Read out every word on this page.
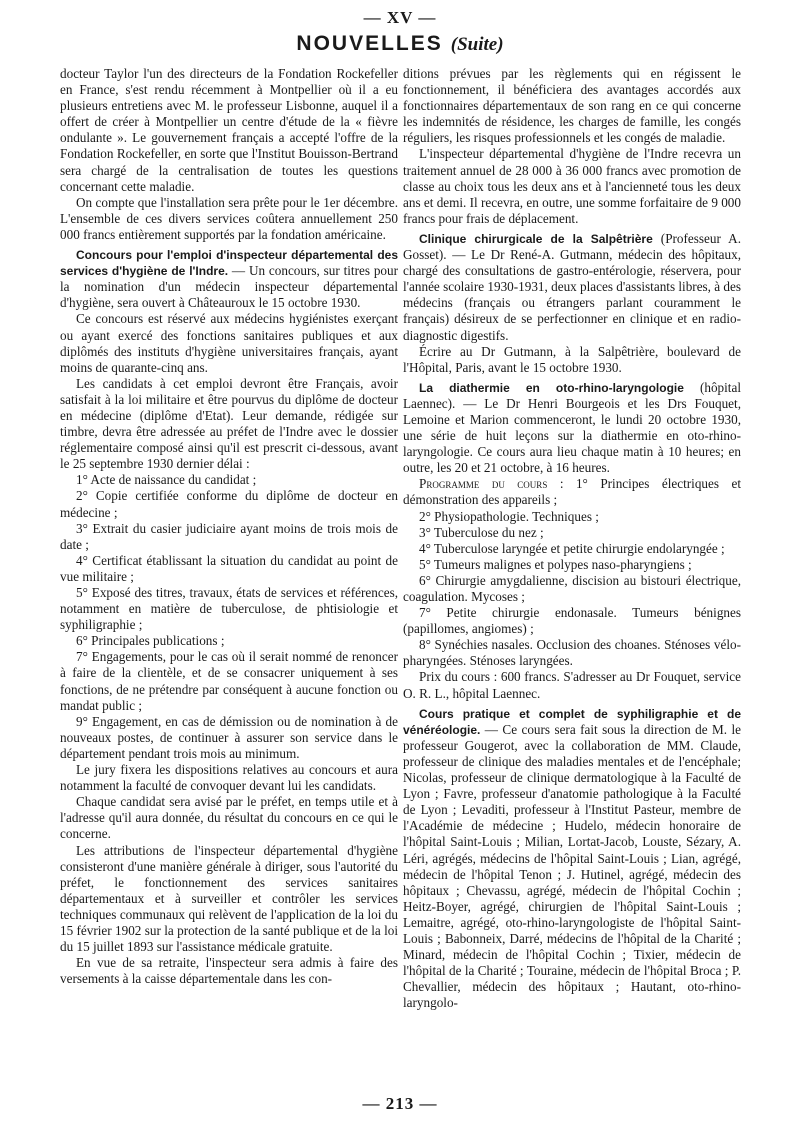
— XV —
NOUVELLES (Suite)

docteur Taylor l'un des directeurs de la Fondation Rockefeller en France, s'est rendu récemment à Montpellier où il a eu plusieurs entretiens avec M. le professeur Lisbonne, auquel il a offert de créer à Montpellier un centre d'étude de la « fièvre ondulante ». Le gouvernement français a accepté l'offre de la Fondation Rockefeller, en sorte que l'Institut Bouisson-Bertrand sera chargé de la centralisation de toutes les questions concernant cette maladie.

On compte que l'installation sera prête pour le 1er décembre. L'ensemble de ces divers services coûtera annuellement 250 000 francs entièrement supportés par la fondation américaine.

Concours pour l'emploi d'inspecteur départemental des services d'hygiène de l'Indre. — Un concours, sur titres pour la nomination d'un médecin inspecteur départemental d'hygiène, sera ouvert à Châteauroux le 15 octobre 1930.

Ce concours est réservé aux médecins hygiénistes exerçant ou ayant exercé des fonctions sanitaires publiques et aux diplômés des instituts d'hygiène universitaires français, ayant moins de quarante-cinq ans.

Les candidats à cet emploi devront être Français, avoir satisfait à la loi militaire et être pourvus du diplôme de docteur en médecine (diplôme d'Etat). Leur demande, rédigée sur timbre, devra être adressée au préfet de l'Indre avec le dossier réglementaire composé ainsi qu'il est prescrit ci-dessous, avant le 25 septembre 1930 dernier délai :

1° Acte de naissance du candidat ;

2° Copie certifiée conforme du diplôme de docteur en médecine ;

3° Extrait du casier judiciaire ayant moins de trois mois de date ;

4° Certificat établissant la situation du candidat au point de vue militaire ;

5° Exposé des titres, travaux, états de services et références, notamment en matière de tuberculose, de phtisiologie et syphiligraphie ;

6° Principales publications ;

7° Engagements, pour le cas où il serait nommé de renoncer à faire de la clientèle, et de se consacrer uniquement à ses fonctions, de ne prétendre par conséquent à aucune fonction ou mandat public ;

9° Engagement, en cas de démission ou de nomination à de nouveaux postes, de continuer à assurer son service dans le département pendant trois mois au minimum.

Le jury fixera les dispositions relatives au concours et aura notamment la faculté de convoquer devant lui les candidats.

Chaque candidat sera avisé par le préfet, en temps utile et à l'adresse qu'il aura donnée, du résultat du concours en ce qui le concerne.

Les attributions de l'inspecteur départemental d'hygiène consisteront d'une manière générale à diriger, sous l'autorité du préfet, le fonctionnement des services sanitaires départementaux et à surveiller et contrôler les services techniques communaux qui relèvent de l'application de la loi du 15 février 1902 sur la protection de la santé publique et de la loi du 15 juillet 1893 sur l'assistance médicale gratuite.

En vue de sa retraite, l'inspecteur sera admis à faire des versements à la caisse départementale dans les con-

ditions prévues par les règlements qui en régissent le fonctionnement, il bénéficiera des avantages accordés aux fonctionnaires départementaux de son rang en ce qui concerne les indemnités de résidence, les charges de famille, les congés réguliers, les risques professionnels et les congés de maladie.

L'inspecteur départemental d'hygiène de l'Indre recevra un traitement annuel de 28 000 à 36 000 francs avec promotion de classe au choix tous les deux ans et à l'ancienneté tous les deux ans et demi. Il recevra, en outre, une somme forfaitaire de 9 000 francs pour frais de déplacement.

Clinique chirurgicale de la Salpêtrière (Professeur A. Gosset). — Le Dr René-A. Gutmann, médecin des hôpitaux, chargé des consultations de gastro-entérologie, réservera, pour l'année scolaire 1930-1931, deux places d'assistants libres, à des médecins (français ou étrangers parlant couramment le français) désireux de se perfectionner en clinique et en radio-diagnostic digestifs.

Écrire au Dr Gutmann, à la Salpêtrière, boulevard de l'Hôpital, Paris, avant le 15 octobre 1930.

La diathermie en oto-rhino-laryngologie (hôpital Laennec). — Le Dr Henri Bourgeois et les Drs Fouquet, Lemoine et Marion commenceront, le lundi 20 octobre 1930, une série de huit leçons sur la diathermie en oto-rhino-laryngologie. Ce cours aura lieu chaque matin à 10 heures; en outre, les 20 et 21 octobre, à 16 heures.

Programme du cours : 1° Principes électriques et démonstration des appareils ;

2° Physiopathologie. Techniques ;

3° Tuberculose du nez ;

4° Tuberculose laryngée et petite chirurgie endolaryngée ;

5° Tumeurs malignes et polypes naso-pharyngiens ;

6° Chirurgie amygdalienne, discision au bistouri électrique, coagulation. Mycoses ;

7° Petite chirurgie endonasale. Tumeurs bénignes (papillomes, angiomes) ;

8° Synéchies nasales. Occlusion des choanes. Sténoses vélo-pharyngées. Sténoses laryngées.

Prix du cours : 600 francs. S'adresser au Dr Fouquet, service O. R. L., hôpital Laennec.

Cours pratique et complet de syphiligraphie et de vénéréologie. — Ce cours sera fait sous la direction de M. le professeur Gougerot, avec la collaboration de MM. Claude, professeur de clinique des maladies mentales et de l'encéphale; Nicolas, professeur de clinique dermatologique à la Faculté de Lyon ; Favre, professeur d'anatomie pathologique à la Faculté de Lyon ; Levaditi, professeur à l'Institut Pasteur, membre de l'Académie de médecine ; Hudelo, médecin honoraire de l'hôpital Saint-Louis ; Milian, Lortat-Jacob, Louste, Sézary, A. Léri, agrégés, médecins de l'hôpital Saint-Louis ; Lian, agrégé, médecin de l'hôpital Tenon ; J. Hutinel, agrégé, médecin des hôpitaux ; Chevassu, agrégé, médecin de l'hôpital Cochin ; Heitz-Boyer, agrégé, chirurgien de l'hôpital Saint-Louis ; Lemaitre, agrégé, oto-rhino-laryngologiste de l'hôpital Saint-Louis ; Babonneix, Darré, médecins de l'hôpital de la Charité ; Minard, médecin de l'hôpital Cochin ; Tixier, médecin de l'hôpital de la Charité ; Touraine, médecin de l'hôpital Broca ; P. Chevallier, médecin des hôpitaux ; Hautant, oto-rhino-laryngolo-

— 213 —
